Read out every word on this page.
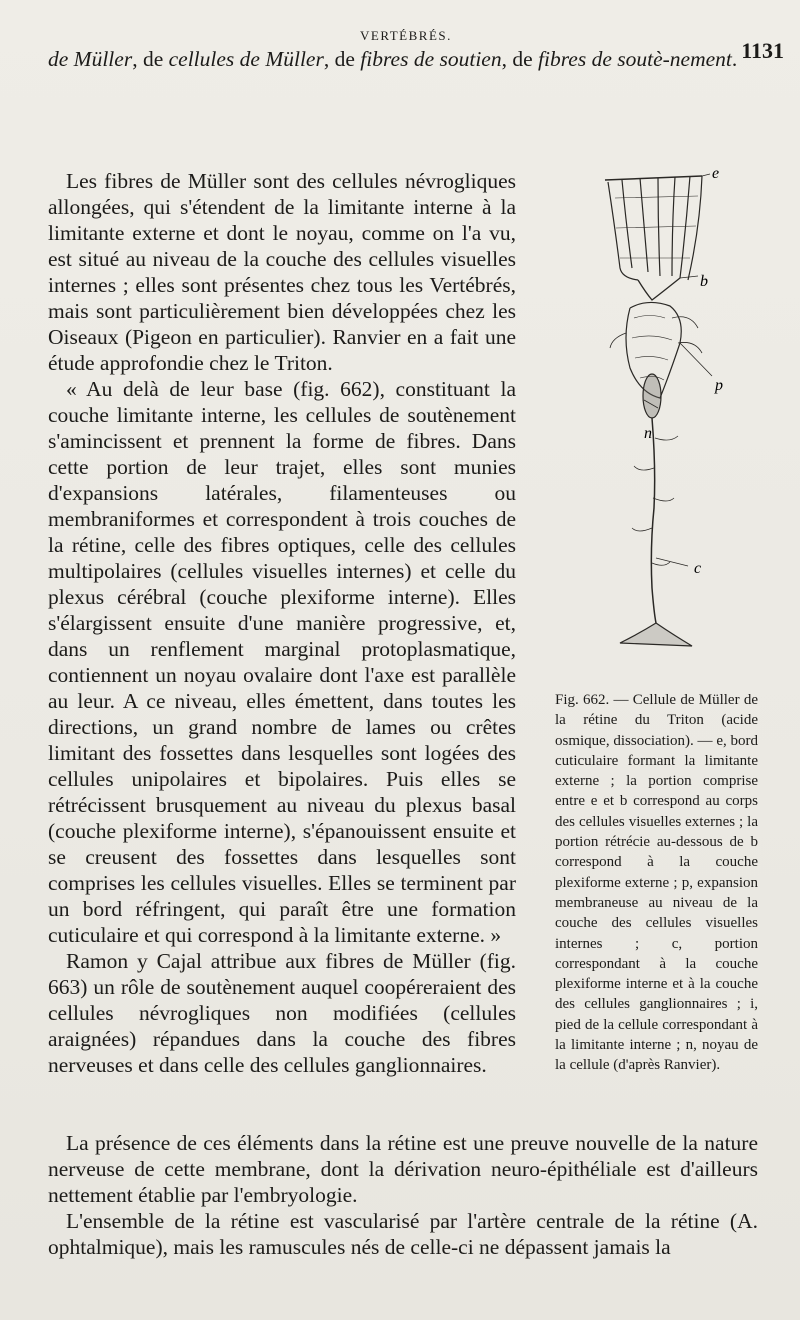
VERTÉBRÉS.
1131

de Müller, de cellules de Müller, de fibres de soutien, de fibres de soutè-nement.

Les fibres de Müller sont des cellules névrogliques allongées, qui s'étendent de la limitante interne à la limitante externe et dont le noyau, comme on l'a vu, est situé au niveau de la couche des cellules visuelles internes ; elles sont présentes chez tous les Vertébrés, mais sont particulièrement bien développées chez les Oiseaux (Pigeon en particulier). Ranvier en a fait une étude approfondie chez le Triton.

« Au delà de leur base (fig. 662), constituant la couche limitante interne, les cellules de soutènement s'amincissent et prennent la forme de fibres. Dans cette portion de leur trajet, elles sont munies d'expansions latérales, filamenteuses ou membraniformes et correspondent à trois couches de la rétine, celle des fibres optiques, celle des cellules multipolaires (cellules visuelles internes) et celle du plexus cérébral (couche plexiforme interne). Elles s'élargissent ensuite d'une manière progressive, et, dans un renflement marginal protoplasmatique, contiennent un noyau ovalaire dont l'axe est parallèle au leur. A ce niveau, elles émettent, dans toutes les directions, un grand nombre de lames ou crêtes limitant des fossettes dans lesquelles sont logées des cellules unipolaires et bipolaires. Puis elles se rétrécissent brusquement au niveau du plexus basal (couche plexiforme interne), s'épanouissent ensuite et se creusent des fossettes dans lesquelles sont comprises les cellules visuelles. Elles se terminent par un bord réfringent, qui paraît être une formation cuticulaire et qui correspond à la limitante externe. »

Ramon y Cajal attribue aux fibres de Müller (fig. 663) un rôle de soutènement auquel coopéreraient des cellules névrogliques non modifiées (cellules araignées) répandues dans la couche des fibres nerveuses et dans celle des cellules ganglionnaires.

e
b
p
n
c

Fig. 662. — Cellule de Müller de la rétine du Triton (acide osmique, dissociation). — e, bord cuticulaire formant la limitante externe ; la portion comprise entre e et b correspond au corps des cellules visuelles externes ; la portion rétrécie au-dessous de b correspond à la couche plexiforme externe ; p, expansion membraneuse au niveau de la couche des cellules visuelles internes ; c, portion correspondant à la couche plexiforme interne et à la couche des cellules ganglionnaires ; i, pied de la cellule correspondant à la limitante interne ; n, noyau de la cellule (d'après Ranvier).

La présence de ces éléments dans la rétine est une preuve nouvelle de la nature nerveuse de cette membrane, dont la dérivation neuro-épithéliale est d'ailleurs nettement établie par l'embryologie.

L'ensemble de la rétine est vascularisé par l'artère centrale de la rétine (A. ophtalmique), mais les ramuscules nés de celle-ci ne dépassent jamais la
